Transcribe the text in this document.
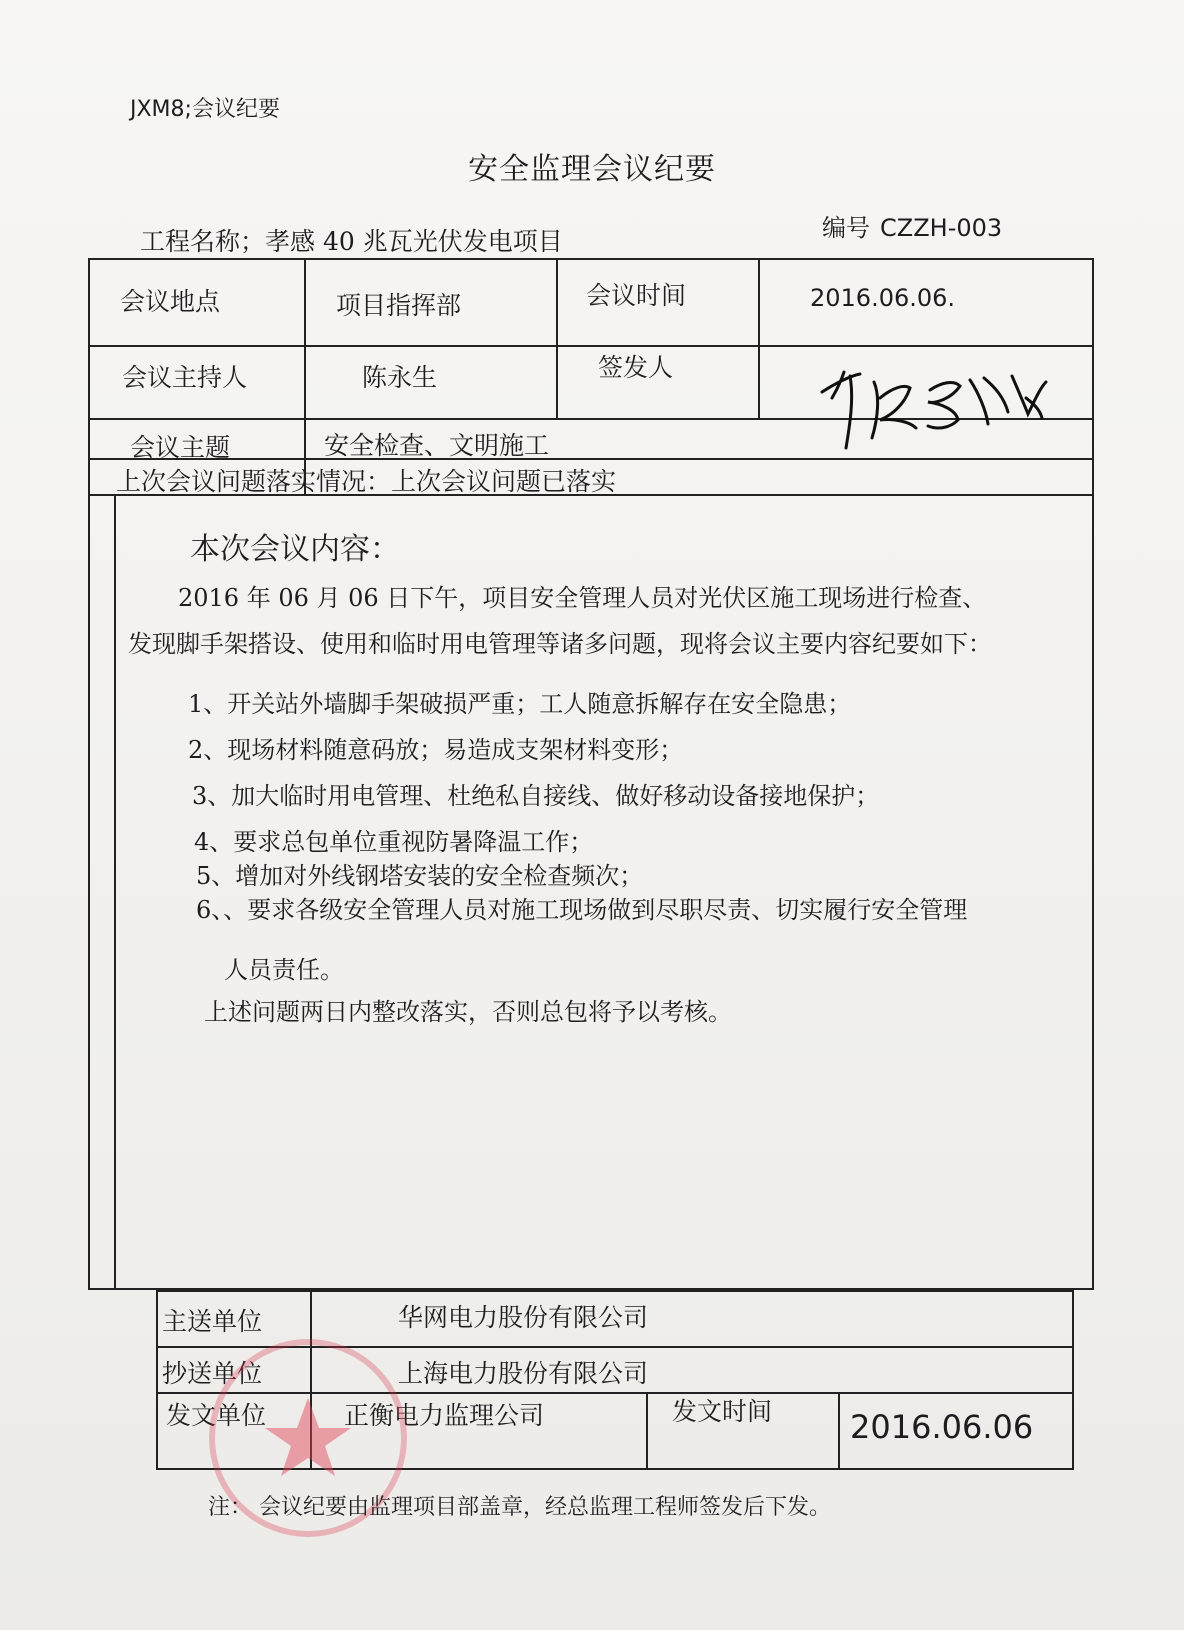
JXM8;会议纪要
安全监理会议纪要
工程名称；孝感 40 兆瓦光伏发电项目	编号 CZZH-003
会议地点	项目指挥部	会议时间	2016.06.06.
会议主持人	陈永生	签发人
会议主题	安全检查、文明施工
上次会议问题落实情况：上次会议问题已落实
本次会议内容：
2016 年 06 月 06 日下午，项目安全管理人员对光伏区施工现场进行检查、
发现脚手架搭设、使用和临时用电管理等诸多问题，现将会议主要内容纪要如下：
1、开关站外墙脚手架破损严重；工人随意拆解存在安全隐患；
2、现场材料随意码放；易造成支架材料变形；
3、加大临时用电管理、杜绝私自接线、做好移动设备接地保护；
4、要求总包单位重视防暑降温工作；
5、增加对外线钢塔安装的安全检查频次；
6、、要求各级安全管理人员对施工现场做到尽职尽责、切实履行安全管理
人员责任。
上述问题两日内整改落实，否则总包将予以考核。
主送单位	华网电力股份有限公司
抄送单位	上海电力股份有限公司
发文单位	正衡电力监理公司	发文时间 2016.06.06
注： 会议纪要由监理项目部盖章，经总监理工程师签发后下发。
